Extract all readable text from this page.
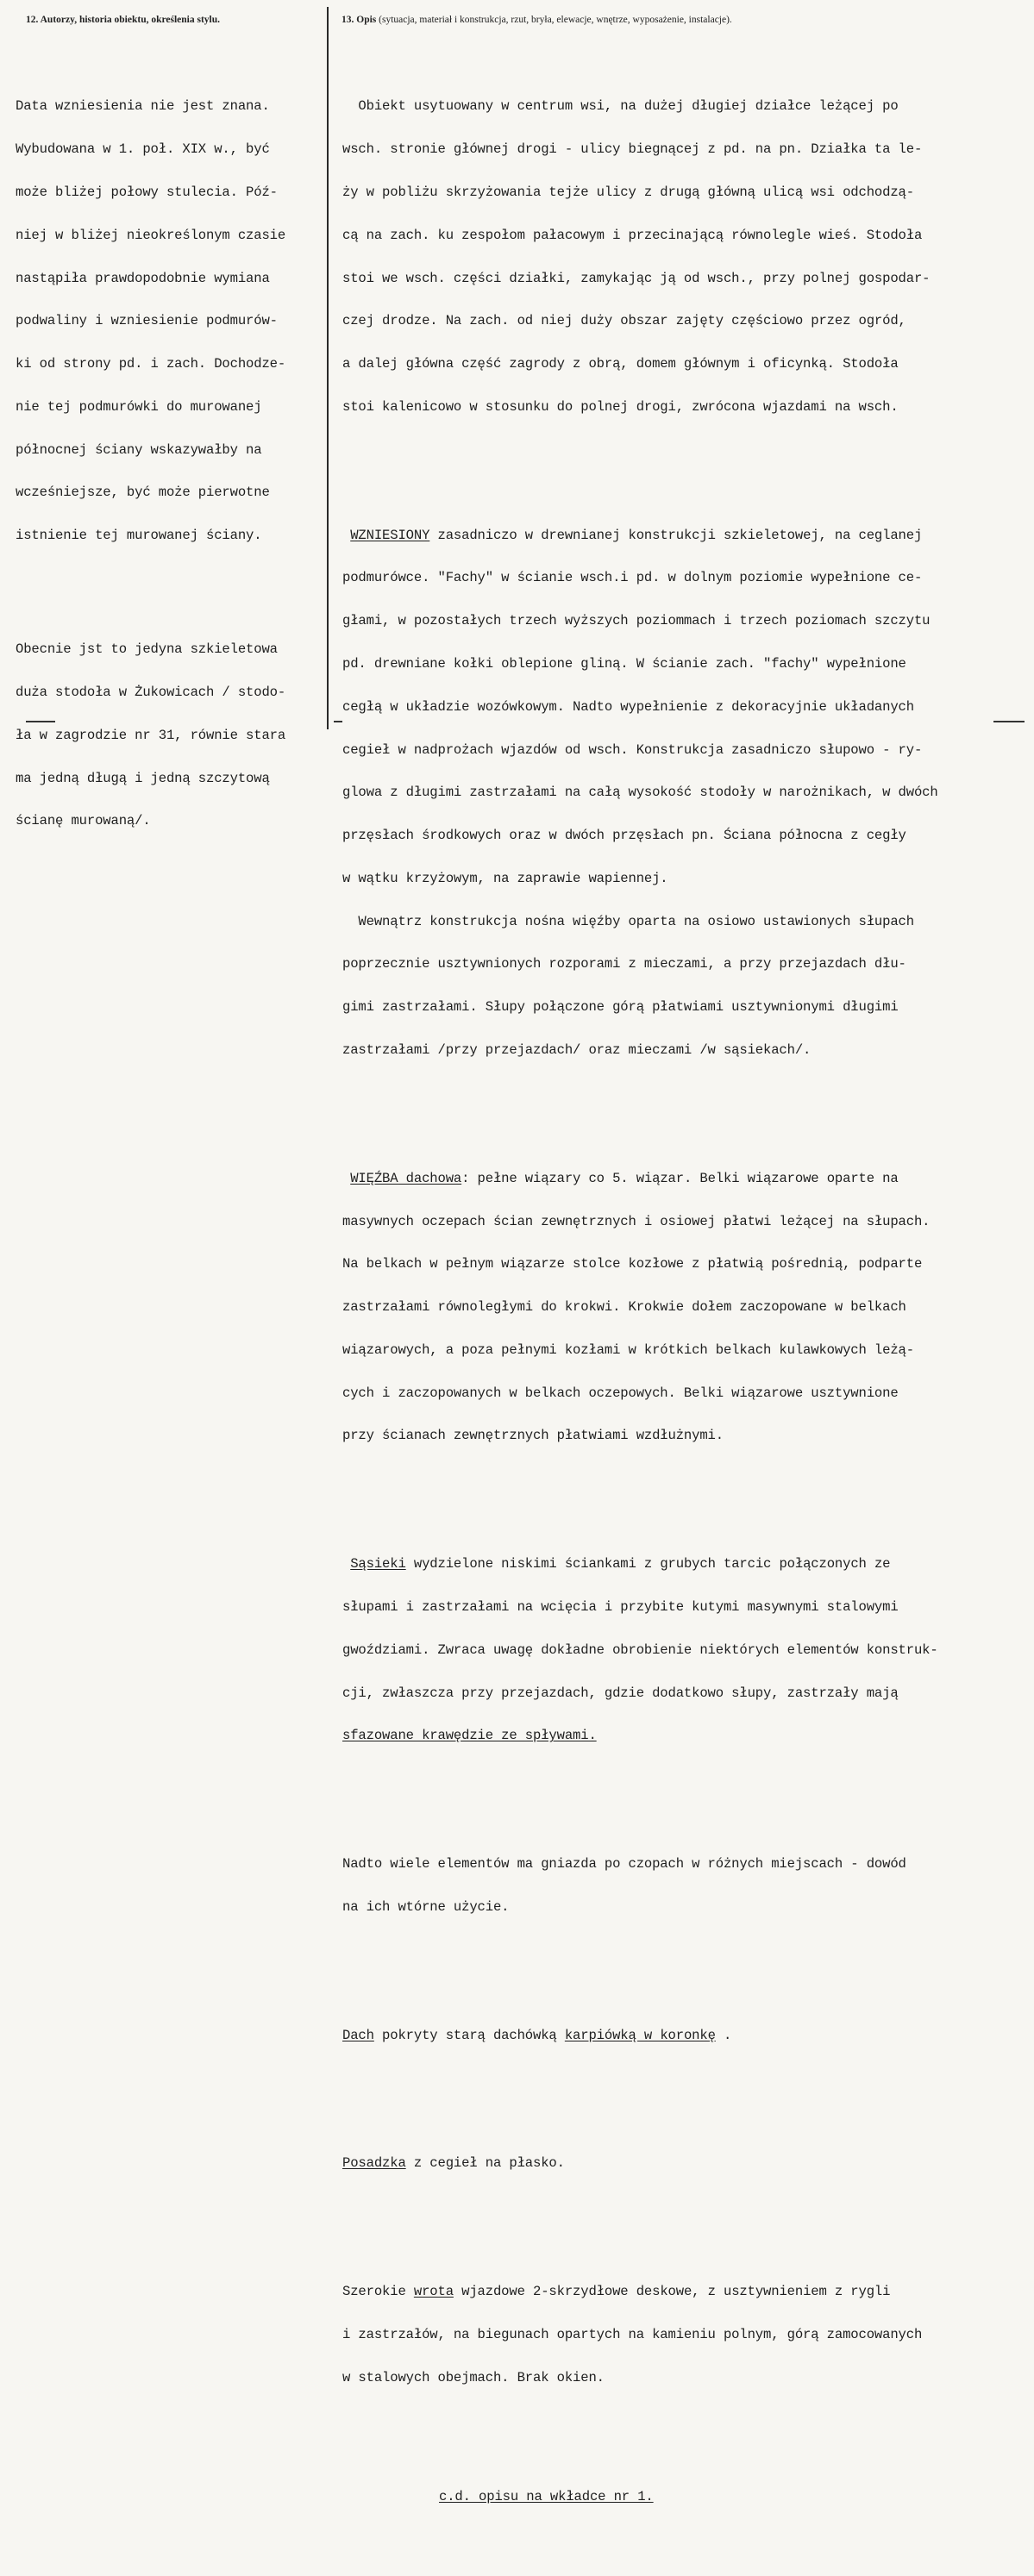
12. Autorzy, historia obiektu, określenia stylu.	13. Opis (sytuacja, materiał i konstrukcja, rzut, bryła, elewacje, wnętrze, wyposażenie, instalacje).

Data wzniesienia nie jest znana.

Wybudowana w 1. poł. XIX w., być

może bliżej połowy stulecia. Póź-

niej w bliżej nieokreślonym czasie

nastąpiła prawdopodobnie wymiana

podwaliny i wzniesienie podmurów-

ki od strony pd. i zach. Dochodze-

nie tej podmurówki do murowanej

północnej ściany wskazywałby na

wcześniejsze, być może pierwotne

istnienie tej murowanej ściany.

Obecnie jst to jedyna szkieletowa

duża stodoła w Żukowicach / stodo-

ła w zagrodzie nr 31, równie stara

ma jedną długą i jedną szczytową

ścianę murowaną/.

Obiekt usytuowany w centrum wsi, na dużej długiej działce leżącej po

wsch. stronie głównej drogi - ulicy biegnącej z pd. na pn. Działka ta le-

ży w pobliżu skrzyżowania tejże ulicy z drugą główną ulicą wsi odchodzą-

cą na zach. ku zespołom pałacowym i przecinającą równolegle wieś. Stodoła

stoi we wsch. części działki, zamykając ją od wsch., przy polnej gospodar-

czej drodze. Na zach. od niej duży obszar zajęty częściowo przez ogród,

a dalej główna część zagrody z obrą, domem głównym i oficynką. Stodoła

stoi kalenicowo w stosunku do polnej drogi, zwrócona wjazdami na wsch.

WZNIESIONY zasadniczo w drewnianej konstrukcji szkieletowej, na ceglanej

podmurówce. "Fachy" w ścianie wsch.i pd. w dolnym poziomie wypełnione ce-

głami, w pozostałych trzech wyższych poziommach i trzech poziomach szczytu

pd. drewniane kołki oblepione gliną. W ścianie zach. "fachy" wypełnione

cegłą w układzie wozówkowym. Nadto wypełnienie z dekoracyjnie układanych

cegieł w nadprożach wjazdów od wsch. Konstrukcja zasadniczo słupowo - ry-

glowa z długimi zastrzałami na całą wysokość stodoły w narożnikach, w dwóch

przęsłach środkowych oraz w dwóch przęsłach pn. Ściana północna z cegły

w wątku krzyżowym, na zaprawie wapiennej.

Wewnątrz konstrukcja nośna więźby oparta na osiowo ustawionych słupach

poprzecznie usztywnionych rozporami z mieczami, a przy przejazdach dłu-

gimi zastrzałami. Słupy połączone górą płatwiami usztywnionymi długimi

zastrzałami /przy przejazdach/ oraz mieczami /w sąsiekach/.

WIĘŹBA dachowa: pełne wiązary co 5. wiązar. Belki wiązarowe oparte na

masywnych oczepach ścian zewnętrznych i osiowej płatwi leżącej na słupach.

Na belkach w pełnym wiązarze stolce kozłowe z płatwią pośrednią, podparte

zastrzałami równoległymi do krokwi. Krokwie dołem zaczopowane w belkach

wiązarowych, a poza pełnymi kozłami w krótkich belkach kulawkowych leżą-

cych i zaczopowanych w belkach oczepowych. Belki wiązarowe usztywnione

przy ścianach zewnętrznych płatwiami wzdłużnymi.

Sąsieki wydzielone niskimi ściankami z grubych tarcic połączonych ze

słupami i zastrzałami na wcięcia i przybite kutymi masywnymi stalowymi

gwoździami. Zwraca uwagę dokładne obrobienie niektórych elementów konstruk-

cji, zwłaszcza przy przejazdach, gdzie dodatkowo słupy, zastrzały mają

sfazowane krawędzie ze spływami.

Nadto wiele elementów ma gniazda po czopach w różnych miejscach - dowód

na ich wtórne użycie.

Dach pokryty starą dachówką karpiówką w koronkę .

Posadzka z cegieł na płasko.

Szerokie wrota wjazdowe 2-skrzydłowe deskowe, z usztywnieniem z rygli

i zastrzałów, na biegunach opartych na kamieniu polnym, górą zamocowanych

w stalowych obejmach. Brak okien.

c.d. opisu na wkładce nr 1.
